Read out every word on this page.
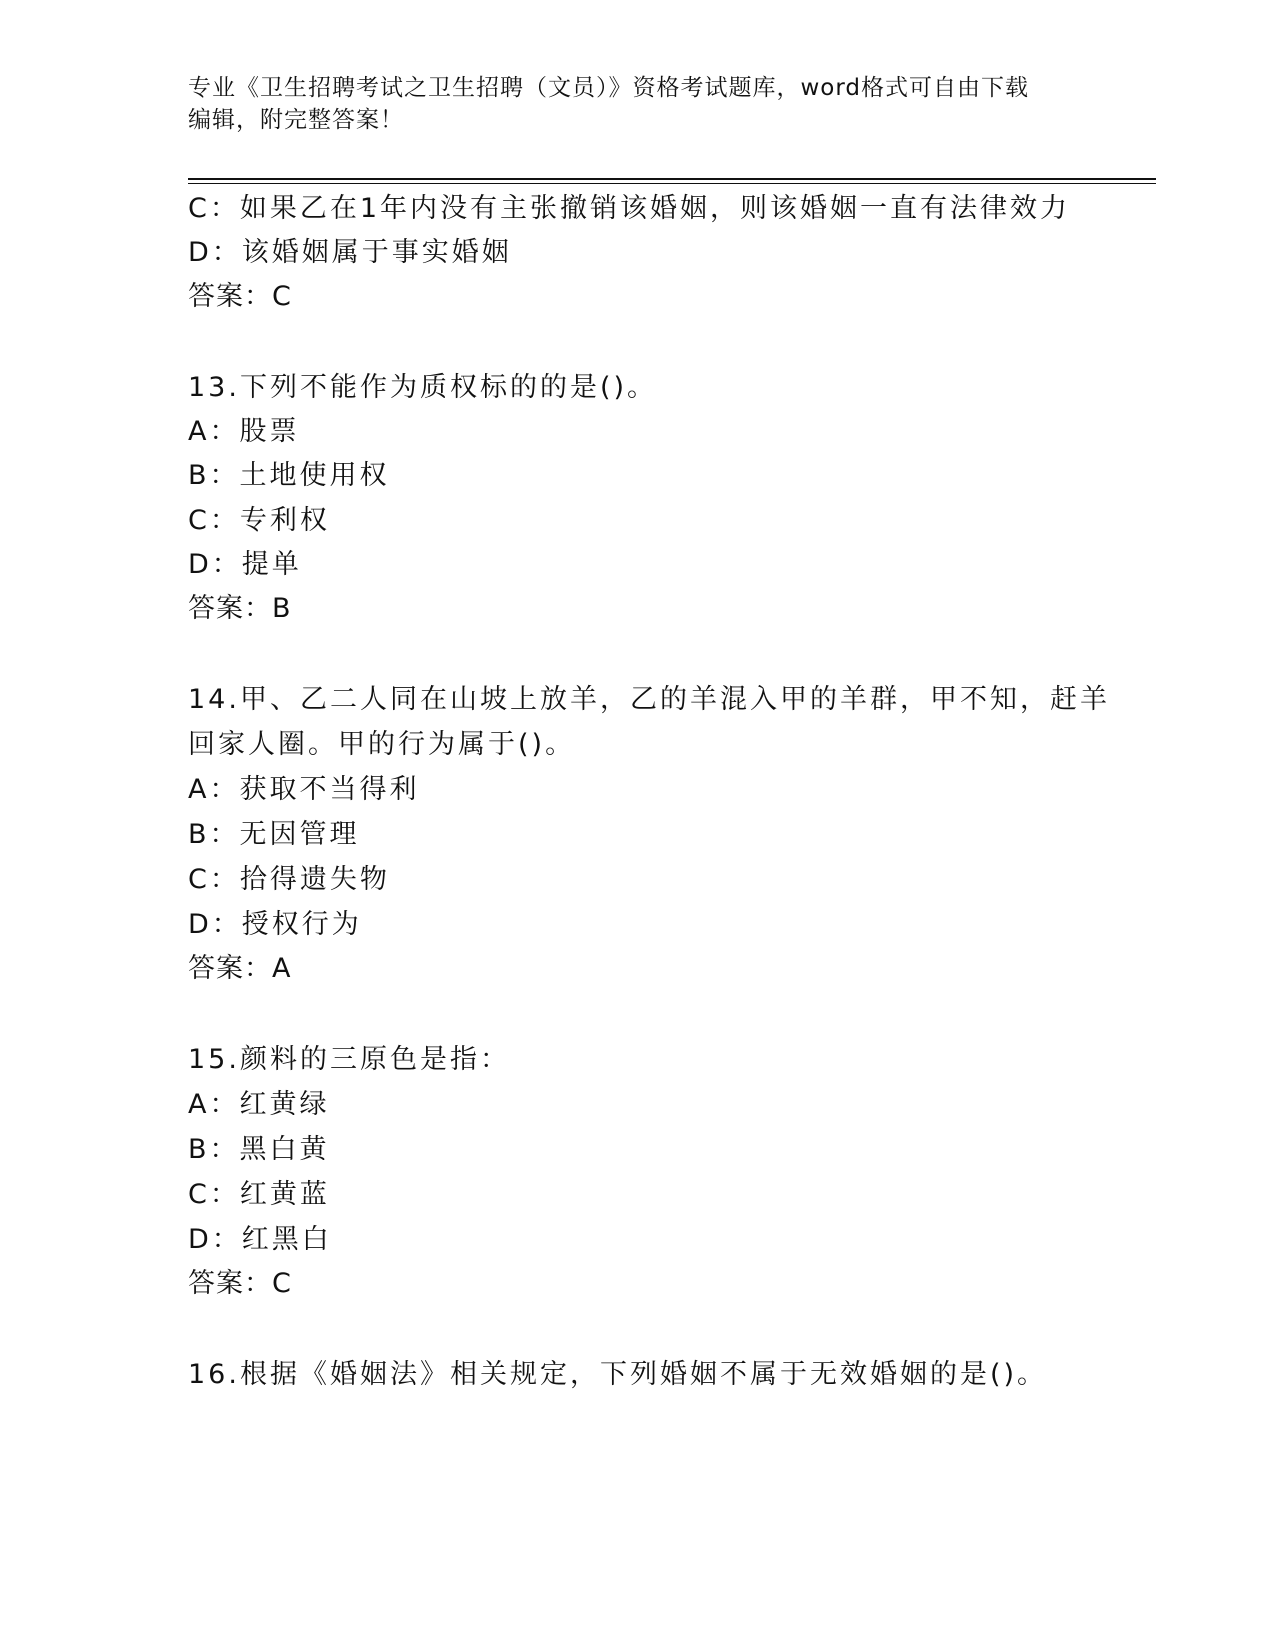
专业《卫生招聘考试之卫生招聘（文员）》资格考试题库，word格式可自由下载
编辑，附完整答案！
C：如果乙在1年内没有主张撤销该婚姻，则该婚姻一直有法律效力
D：该婚姻属于事实婚姻
答案：C
13.下列不能作为质权标的的是()。
A：股票
B：土地使用权
C：专利权
D：提单
答案：B
14.甲、乙二人同在山坡上放羊，乙的羊混入甲的羊群，甲不知，赶羊
回家人圈。甲的行为属于()。
A：获取不当得利
B：无因管理
C：拾得遗失物
D：授权行为
答案：A
15.颜料的三原色是指：
A：红黄绿
B：黑白黄
C：红黄蓝
D：红黑白
答案：C
16.根据《婚姻法》相关规定，下列婚姻不属于无效婚姻的是()。
